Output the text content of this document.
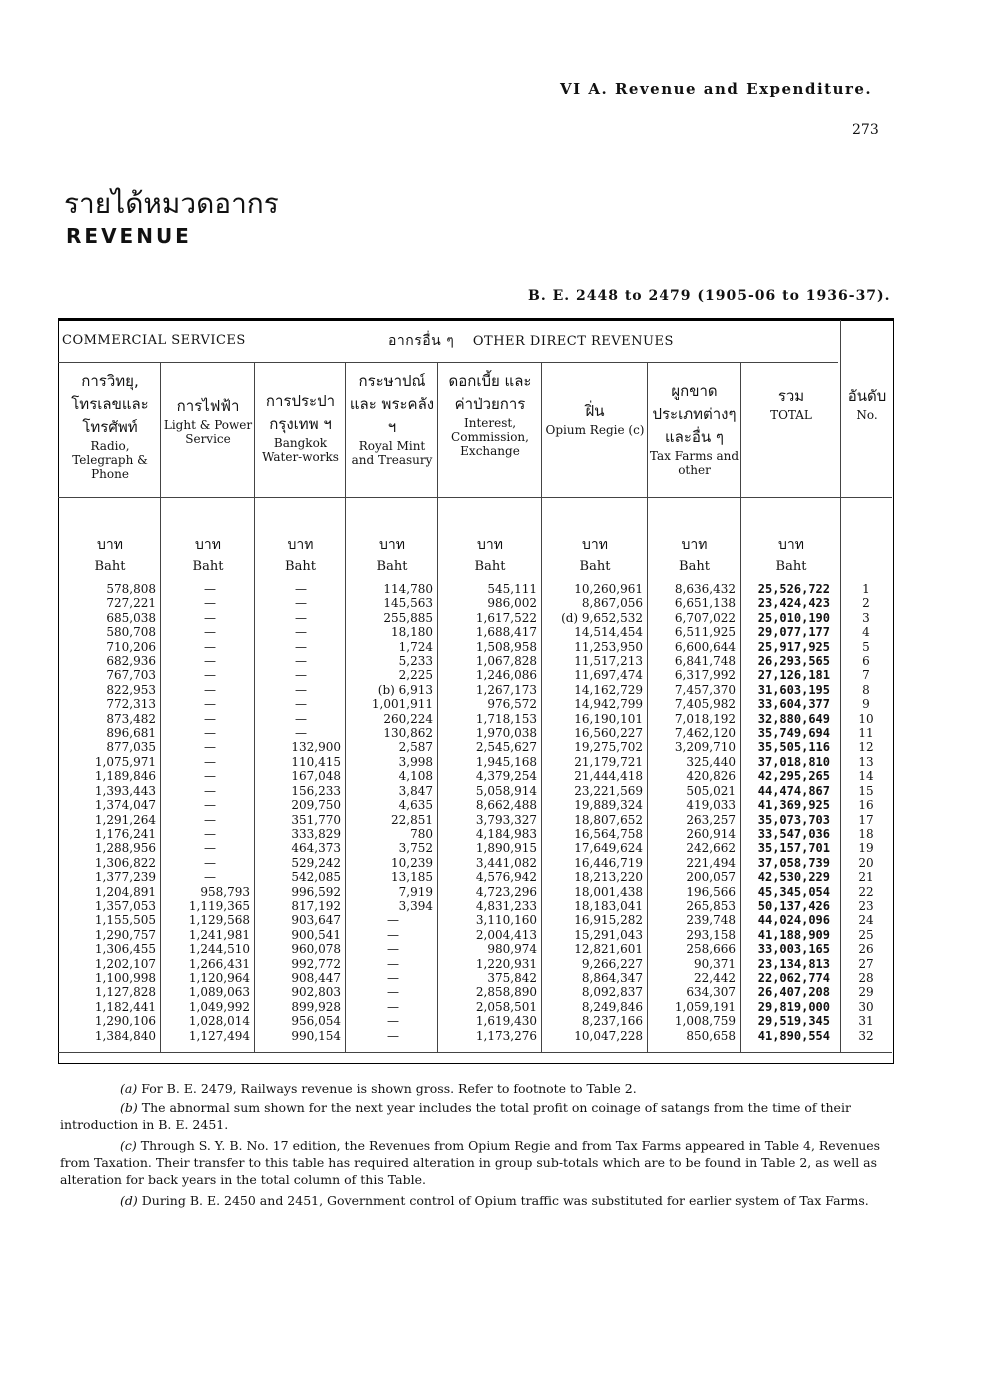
VI A. Revenue and Expenditure.
273
รายได้หมวดอากร
REVENUE
B. E. 2448 to 2479 (1905-06 to 1936-37).
COMMERCIAL SERVICES	อากรอื่น ๆ OTHER DIRECT REVENUES
การวิทยุ, โทรเลขและ โทรศัพท์
Radio, Telegraph & Phone
การไฟฟ้า
Light & Power Service
การประปา กรุงเทพ ฯ
Bangkok Water-works
กระษาปณ์ และ พระคลัง ฯ
Royal Mint and Treasury
ดอกเบี้ย และ ค่าป่วยการ
Interest, Commission, Exchange
ฝิ่น
Opium Regie (c)
ผูกขาด ประเภทต่างๆ และอื่น ๆ
Tax Farms and other
รวม
TOTAL
อันดับ
No.
บาท
Baht
บาท
Baht
บาท
Baht
บาท
Baht
บาท
Baht
บาท
Baht
บาท
Baht
บาท
Baht
578,808	—	—	114,780	545,111	10,260,961	8,636,432	25,526,722	1
727,221	—	—	145,563	986,002	8,867,056	6,651,138	23,424,423	2
685,038	—	—	255,885	1,617,522	(d) 9,652,532	6,707,022	25,010,190	3
580,708	—	—	18,180	1,688,417	14,514,454	6,511,925	29,077,177	4
710,206	—	—	1,724	1,508,958	11,253,950	6,600,644	25,917,925	5
682,936	—	—	5,233	1,067,828	11,517,213	6,841,748	26,293,565	6
767,703	—	—	2,225	1,246,086	11,697,474	6,317,992	27,126,181	7
822,953	—	—	(b) 6,913	1,267,173	14,162,729	7,457,370	31,603,195	8
772,313	—	—	1,001,911	976,572	14,942,799	7,405,982	33,604,377	9
873,482	—	—	260,224	1,718,153	16,190,101	7,018,192	32,880,649	10
896,681	—	—	130,862	1,970,038	16,560,227	7,462,120	35,749,694	11
877,035	—	132,900	2,587	2,545,627	19,275,702	3,209,710	35,505,116	12
1,075,971	—	110,415	3,998	1,945,168	21,179,721	325,440	37,018,810	13
1,189,846	—	167,048	4,108	4,379,254	21,444,418	420,826	42,295,265	14
1,393,443	—	156,233	3,847	5,058,914	23,221,569	505,021	44,474,867	15
1,374,047	—	209,750	4,635	8,662,488	19,889,324	419,033	41,369,925	16
1,291,264	—	351,770	22,851	3,793,327	18,807,652	263,257	35,073,703	17
1,176,241	—	333,829	780	4,184,983	16,564,758	260,914	33,547,036	18
1,288,956	—	464,373	3,752	1,890,915	17,649,624	242,662	35,157,701	19
1,306,822	—	529,242	10,239	3,441,082	16,446,719	221,494	37,058,739	20
1,377,239	—	542,085	13,185	4,576,942	18,213,220	200,057	42,530,229	21
1,204,891	958,793	996,592	7,919	4,723,296	18,001,438	196,566	45,345,054	22
1,357,053	1,119,365	817,192	3,394	4,831,233	18,183,041	265,853	50,137,426	23
1,155,505	1,129,568	903,647	—	3,110,160	16,915,282	239,748	44,024,096	24
1,290,757	1,241,981	900,541	—	2,004,413	15,291,043	293,158	41,188,909	25
1,306,455	1,244,510	960,078	—	980,974	12,821,601	258,666	33,003,165	26
1,202,107	1,266,431	992,772	—	1,220,931	9,266,227	90,371	23,134,813	27
1,100,998	1,120,964	908,447	—	375,842	8,864,347	22,442	22,062,774	28
1,127,828	1,089,063	902,803	—	2,858,890	8,092,837	634,307	26,407,208	29
1,182,441	1,049,992	899,928	—	2,058,501	8,249,846	1,059,191	29,819,000	30
1,290,106	1,028,014	956,054	—	1,619,430	8,237,166	1,008,759	29,519,345	31
1,384,840	1,127,494	990,154	—	1,173,276	10,047,228	850,658	41,890,554	32
(a) For B. E. 2479, Railways revenue is shown gross. Refer to footnote to Table 2.
(b) The abnormal sum shown for the next year includes the total profit on coinage of satangs from the time of their introduction in B. E. 2451.
(c) Through S. Y. B. No. 17 edition, the Revenues from Opium Regie and from Tax Farms appeared in Table 4, Revenues from Taxation. Their transfer to this table has required alteration in group sub-totals which are to be found in Table 2, as well as alteration for back years in the total column of this Table.
(d) During B. E. 2450 and 2451, Government control of Opium traffic was substituted for earlier system of Tax Farms.
